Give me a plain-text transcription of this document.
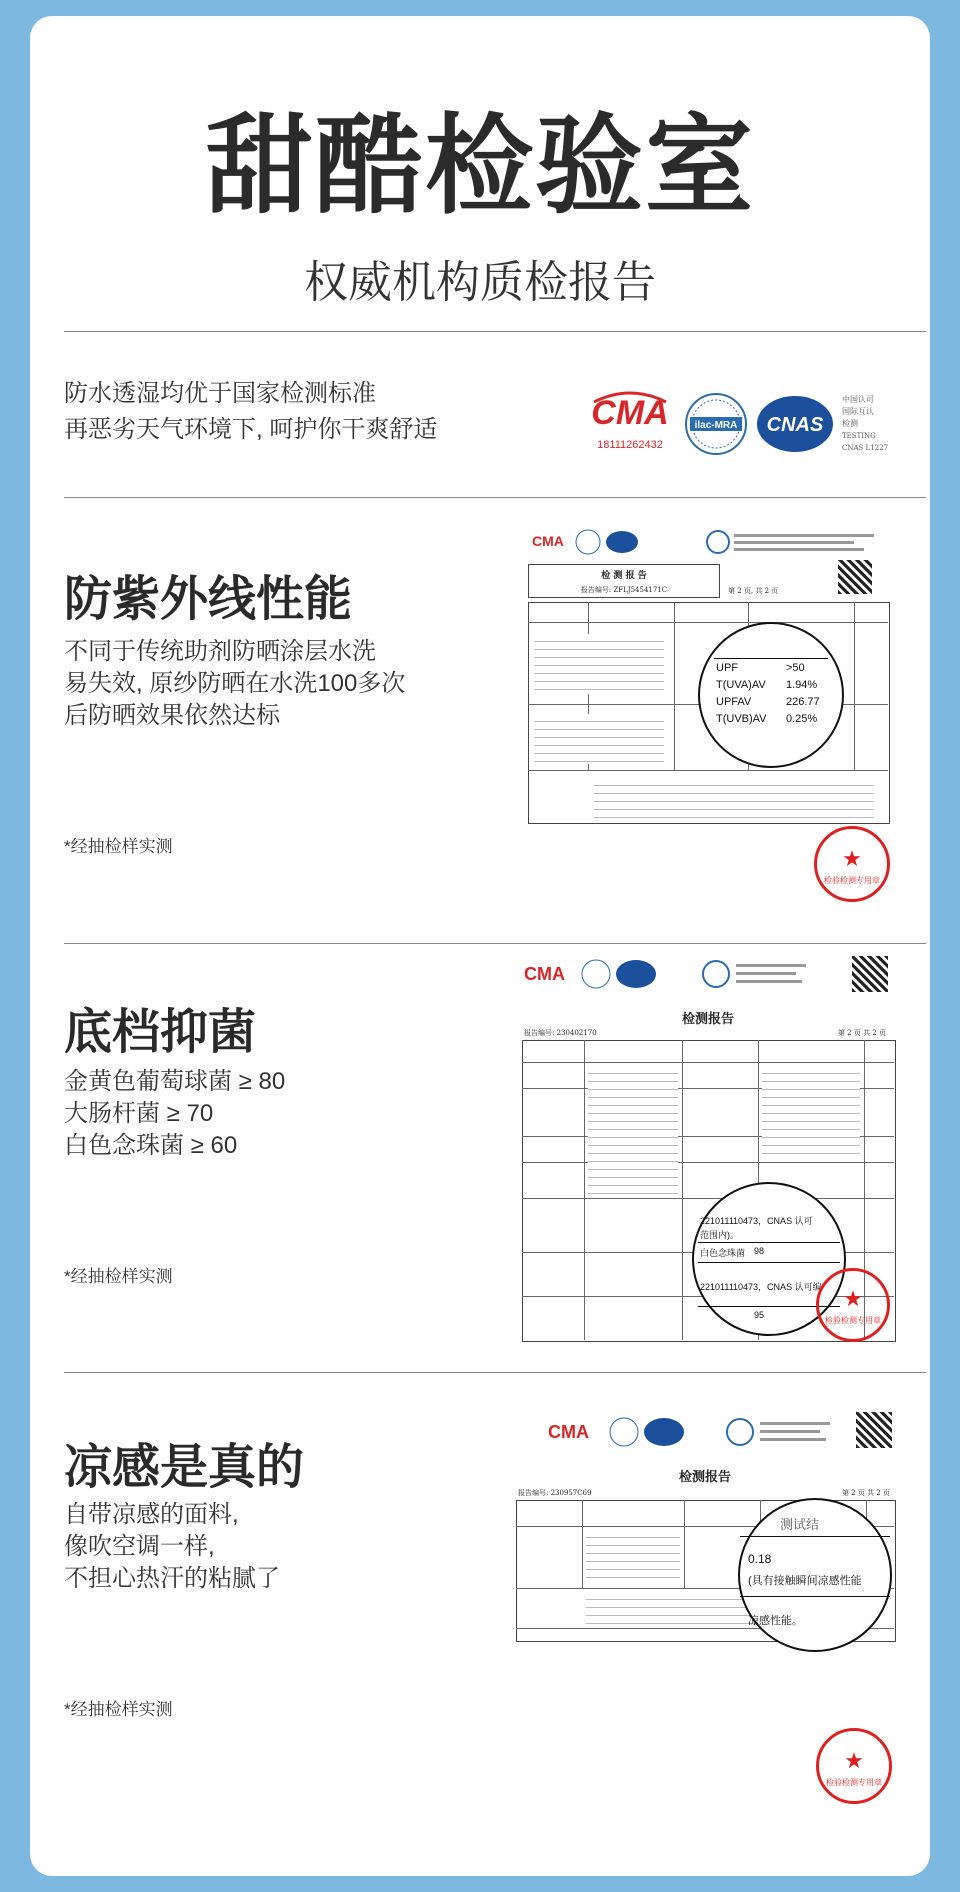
甜酷检验室
权威机构质检报告
防水透湿均优于国家检测标准
再恶劣天气环境下, 呵护你干爽舒适	CMA
18111262432
ilac-MRA CNAS
中国认可
国际互认
检测
TESTING
CNAS L1227
防紫外线性能
不同于传统助剂防晒涂层水洗
易失效, 原纱防晒在水洗100多次
后防晒效果依然达标
*经抽检样实测
CMA
检 测 报 告
报告编号: ZFLJ5454171C	第 2 页, 共 2 页
UPF	>50
T(UVA)AV 1.94%
UPFAV	226.77
T(UVB)AV 0.25%
★
检验检测专用章
底档抑菌
金黄色葡萄球菌 ≥ 80
大肠杆菌 ≥ 70
白色念珠菌 ≥ 60
*经抽检样实测
CMA
检测报告
报告编号: 230402170	第 2 页 共 2 页
221011110473，CNAS 认可
范围内)。
白色念珠菌 98
221011110473，CNAS 认可编
95
★
检验检测专用章
凉感是真的
自带凉感的面料,
像吹空调一样,
不担心热汗的粘腻了
*经抽检样实测
CMA
检测报告
报告编号: 230957C69	第 2 页 共 2 页
测试结
0.18
(具有接触瞬间凉感性能
凉感性能。
★
检验检测专用章
